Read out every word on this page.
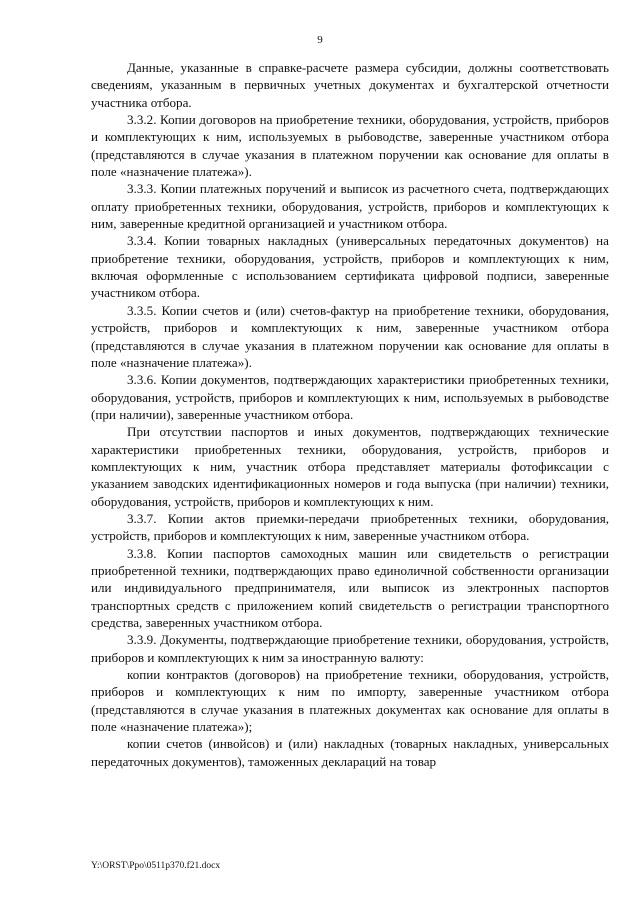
9

Данные, указанные в справке-расчете размера субсидии, должны соответствовать сведениям, указанным в первичных учетных документах и бухгалтерской отчетности участника отбора.

3.3.2. Копии договоров на приобретение техники, оборудования, устройств, приборов и комплектующих к ним, используемых в рыбоводстве, заверенные участником отбора (представляются в случае указания в платежном поручении как основание для оплаты в поле «назначение платежа»).

3.3.3. Копии платежных поручений и выписок из расчетного счета, подтверждающих оплату приобретенных техники, оборудования, устройств, приборов и комплектующих к ним, заверенные кредитной организацией и участником отбора.

3.3.4. Копии товарных накладных (универсальных передаточных документов) на приобретение техники, оборудования, устройств, приборов и комплектующих к ним, включая оформленные с использованием сертификата цифровой подписи, заверенные участником отбора.

3.3.5. Копии счетов и (или) счетов-фактур на приобретение техники, оборудования, устройств, приборов и комплектующих к ним, заверенные участником отбора (представляются в случае указания в платежном поручении как основание для оплаты в поле «назначение платежа»).

3.3.6. Копии документов, подтверждающих характеристики приобретенных техники, оборудования, устройств, приборов и комплектующих к ним, используемых в рыбоводстве (при наличии), заверенные участником отбора.

При отсутствии паспортов и иных документов, подтверждающих технические характеристики приобретенных техники, оборудования, устройств, приборов и комплектующих к ним, участник отбора представляет материалы фотофиксации с указанием заводских идентификационных номеров и года выпуска (при наличии) техники, оборудования, устройств, приборов и комплектующих к ним.

3.3.7. Копии актов приемки-передачи приобретенных техники, оборудования, устройств, приборов и комплектующих к ним, заверенные участником отбора.

3.3.8. Копии паспортов самоходных машин или свидетельств о регистрации приобретенной техники, подтверждающих право единоличной собственности организации или индивидуального предпринимателя, или выписок из электронных паспортов транспортных средств с приложением копий свидетельств о регистрации транспортного средства, заверенных участником отбора.

3.3.9. Документы, подтверждающие приобретение техники, оборудования, устройств, приборов и комплектующих к ним за иностранную валюту:

копии контрактов (договоров) на приобретение техники, оборудования, устройств, приборов и комплектующих к ним по импорту, заверенные участником отбора (представляются в случае указания в платежных документах как основание для оплаты в поле «назначение платежа»);

копии счетов (инвойсов) и (или) накладных (товарных накладных, универсальных передаточных документов), таможенных деклараций на товар

Y:\ORST\Ppo\0511p370.f21.docx
